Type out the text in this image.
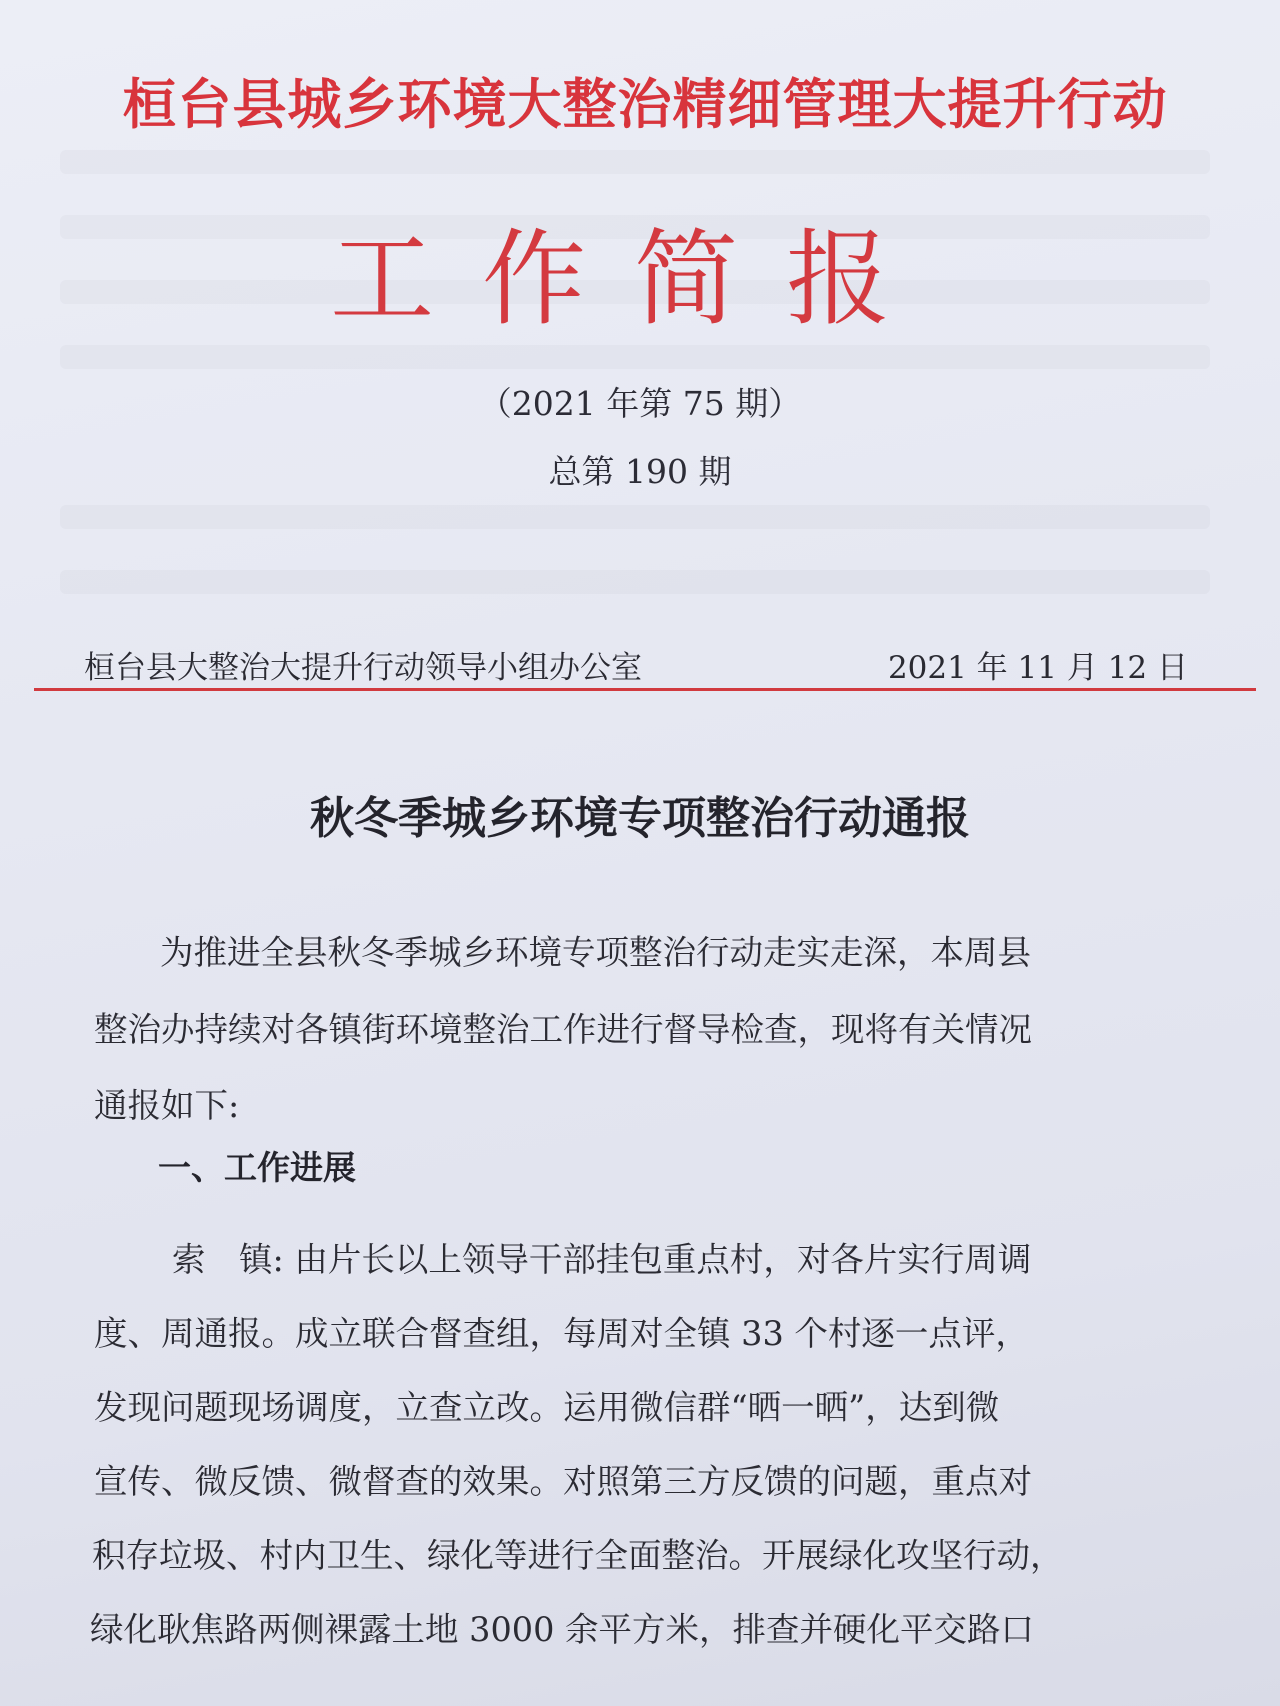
桓台县城乡环境大整治精细管理大提升行动
工作简报
（2021 年第 75 期）
总第 190 期
桓台县大整治大提升行动领导小组办公室	2021 年 11 月 12 日
秋冬季城乡环境专项整治行动通报
为推进全县秋冬季城乡环境专项整治行动走实走深，本周县
整治办持续对各镇街环境整治工作进行督导检查，现将有关情况
通报如下:
一、工作进展
索　镇: 由片长以上领导干部挂包重点村，对各片实行周调
度、周通报。成立联合督查组，每周对全镇 33 个村逐一点评，
发现问题现场调度，立查立改。运用微信群“晒一晒”，达到微
宣传、微反馈、微督查的效果。对照第三方反馈的问题，重点对
积存垃圾、村内卫生、绿化等进行全面整治。开展绿化攻坚行动，
绿化耿焦路两侧裸露土地 3000 余平方米，排查并硬化平交路口
